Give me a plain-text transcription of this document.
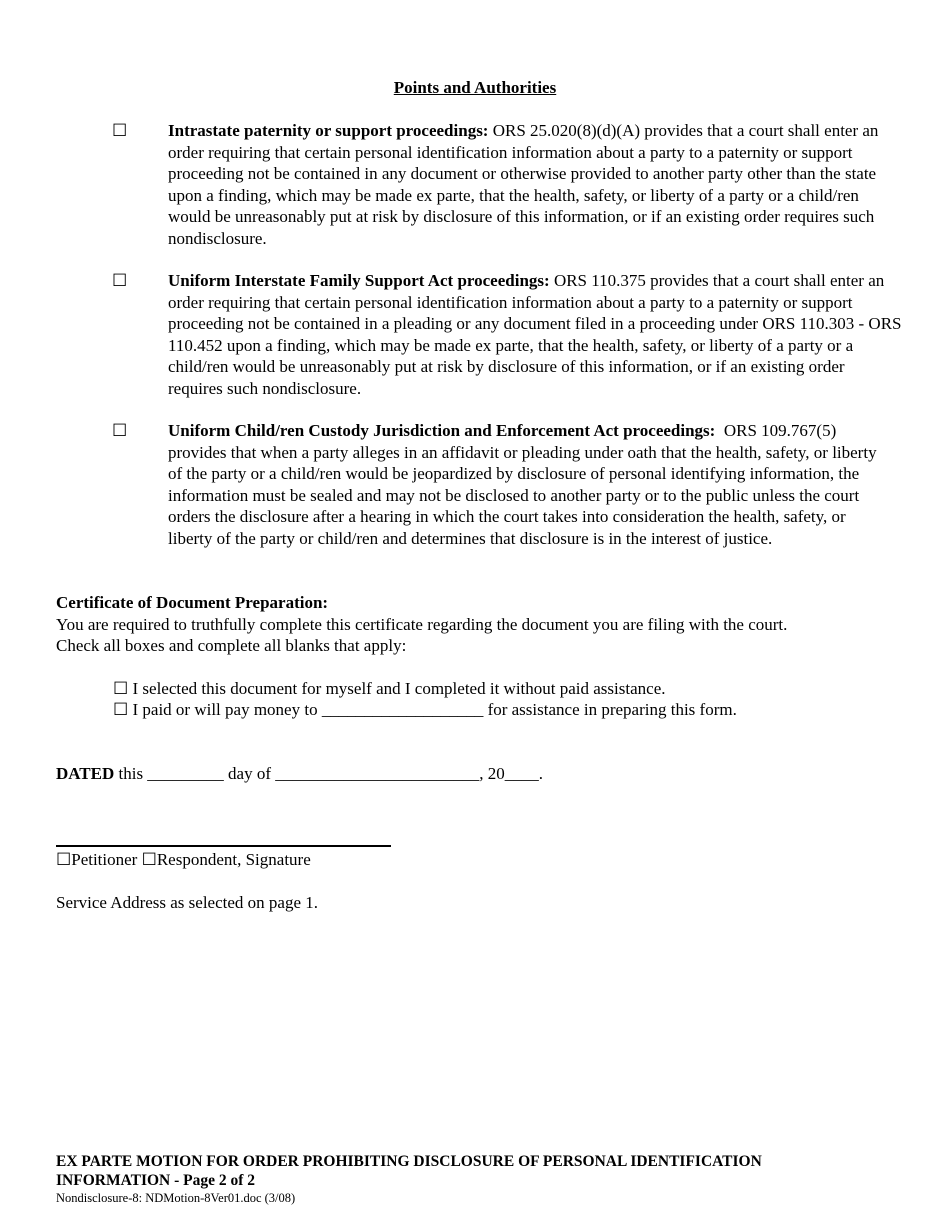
Points and Authorities
☐ Intrastate paternity or support proceedings: ORS 25.020(8)(d)(A) provides that a court shall enter an order requiring that certain personal identification information about a party to a paternity or support proceeding not be contained in any document or otherwise provided to another party other than the state upon a finding, which may be made ex parte, that the health, safety, or liberty of a party or a child/ren would be unreasonably put at risk by disclosure of this information, or if an existing order requires such nondisclosure.
☐ Uniform Interstate Family Support Act proceedings: ORS 110.375 provides that a court shall enter an order requiring that certain personal identification information about a party to a paternity or support proceeding not be contained in a pleading or any document filed in a proceeding under ORS 110.303 - ORS 110.452 upon a finding, which may be made ex parte, that the health, safety, or liberty of a party or a child/ren would be unreasonably put at risk by disclosure of this information, or if an existing order requires such nondisclosure.
☐ Uniform Child/ren Custody Jurisdiction and Enforcement Act proceedings:  ORS 109.767(5) provides that when a party alleges in an affidavit or pleading under oath that the health, safety, or liberty of the party or a child/ren would be jeopardized by disclosure of personal identifying information, the information must be sealed and may not be disclosed to another party or to the public unless the court orders the disclosure after a hearing in which the court takes into consideration the health, safety, or liberty of the party or child/ren and determines that disclosure is in the interest of justice.
Certificate of Document Preparation:
You are required to truthfully complete this certificate regarding the document you are filing with the court.
Check all boxes and complete all blanks that apply:
☐ I selected this document for myself and I completed it without paid assistance.
☐ I paid or will pay money to ___________________ for assistance in preparing this form.
DATED this _________ day of ________________________, 20____.
☐Petitioner ☐Respondent, Signature
Service Address as selected on page 1.
EX PARTE MOTION FOR ORDER PROHIBITING DISCLOSURE OF PERSONAL IDENTIFICATION INFORMATION - Page 2 of 2
Nondisclosure-8: NDMotion-8Ver01.doc (3/08)
